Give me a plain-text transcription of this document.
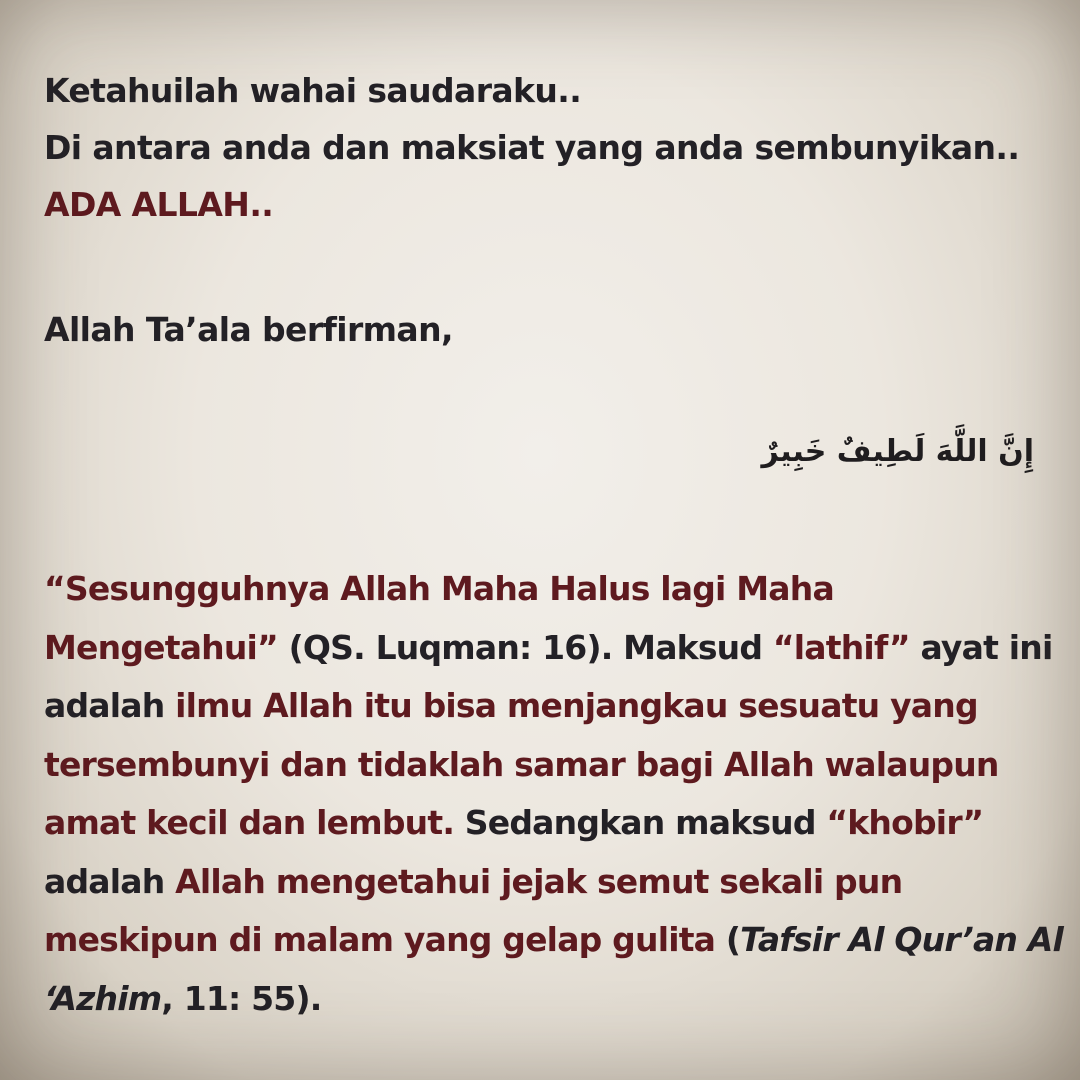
Ketahuilah wahai saudaraku..
Di antara anda dan maksiat yang anda sembunyikan..
ADA ALLAH..
Allah Ta’ala berfirman,
إِنَّ اللَّهَ لَطِيفٌ خَبِيرٌ
“Sesungguhnya Allah Maha Halus lagi Maha
Mengetahui” (QS. Luqman: 16). Maksud “lathif” ayat ini
adalah ilmu Allah itu bisa menjangkau sesuatu yang
tersembunyi dan tidaklah samar bagi Allah walaupun
amat kecil dan lembut. Sedangkan maksud “khobir”
adalah Allah mengetahui jejak semut sekali pun
meskipun di malam yang gelap gulita (Tafsir Al Qur’an Al
‘Azhim, 11: 55).
